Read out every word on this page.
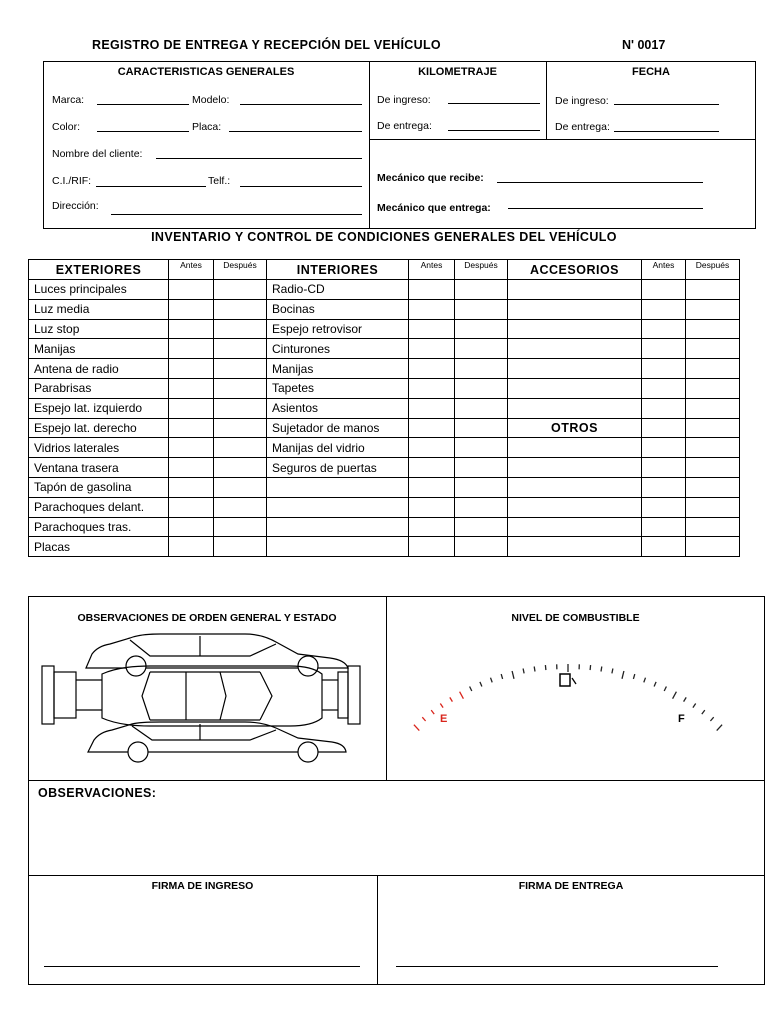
REGISTRO DE ENTREGA Y RECEPCIÓN DEL VEHÍCULO	N' 0017
CARACTERISTICAS GENERALES
Marca:	Modelo:
Color:	Placa:
Nombre del cliente:
C.I./RIF:	Telf.:
Dirección:
KILOMETRAJE
De ingreso:
De entrega:
FECHA
De ingreso:
De entrega:
Mecánico que recibe:
Mecánico que entrega:
INVENTARIO Y CONTROL DE CONDICIONES GENERALES DEL VEHÍCULO
EXTERIORES	Antes	Después	INTERIORES	Antes	Después	ACCESORIOS	Antes	Después
Luces principales			Radio-CD					
Luz media			Bocinas					
Luz stop			Espejo retrovisor					
Manijas			Cinturones					
Antena de radio			Manijas					
Parabrisas			Tapetes					
Espejo lat. izquierdo			Asientos					
Espejo lat. derecho			Sujetador de manos			OTROS		
Vidrios laterales			Manijas del vidrio					
Ventana trasera			Seguros de puertas					
Tapón de gasolina								
Parachoques delant.								
Parachoques tras.								
Placas								
OBSERVACIONES DE ORDEN GENERAL Y ESTADO	NIVEL DE COMBUSTIBLE
E	F
OBSERVACIONES:
FIRMA DE INGRESO	FIRMA DE ENTREGA
